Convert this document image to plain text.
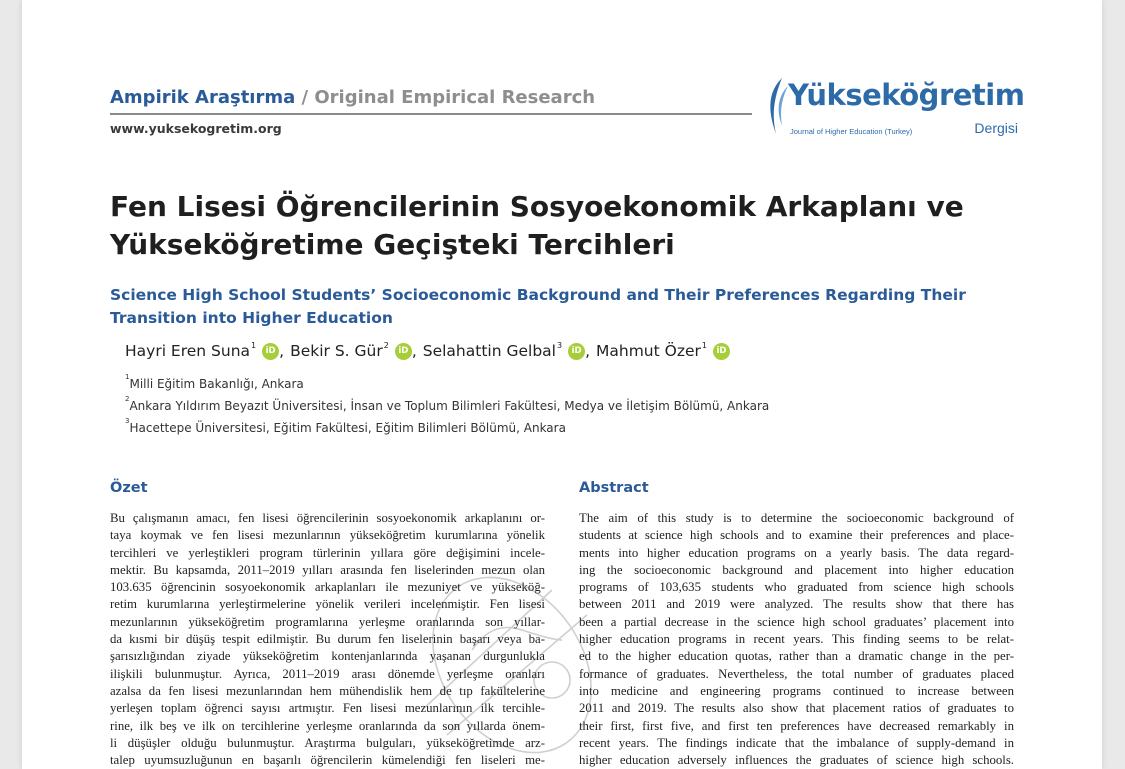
Ampirik Araştırma / Original Empirical Research
www.yuksekogretim.org
Yükseköğretim
Journal of Higher Education (Turkey)	Dergisi
Fen Lisesi Öğrencilerinin Sosyoekonomik Arkaplanı ve Yükseköğretime Geçişteki Tercihleri
Science High School Students’ Socioeconomic Background and Their Preferences Regarding Their Transition into Higher Education
Hayri Eren Suna$^1$
iD , Bekir S. Gür$^2$
iD , Selahattin Gelbal$^3$
iD , Mahmut Özer$^1$
iD
$^1$Milli Eğitim Bakanlığı, Ankara
$^2$Ankara Yıldırım Beyazıt Üniversitesi, İnsan ve Toplum Bilimleri Fakültesi, Medya ve İletişim Bölümü, Ankara
$^3$Hacettepe Üniversitesi, Eğitim Fakültesi, Eğitim Bilimleri Bölümü, Ankara
Özet
Bu çalışmanın amacı, fen lisesi öğrencilerinin sosyoekonomik arkaplanını or-
taya koymak ve fen lisesi mezunlarının yükseköğretim kurumlarına yönelik
tercihleri ve yerleştikleri program türlerinin yıllara göre değişimini incele-
mektir. Bu kapsamda, 2011–2019 yılları arasında fen liselerinden mezun olan
103.635 öğrencinin sosyoekonomik arkaplanları ile mezuniyet ve yükseköğ-
retim kurumlarına yerleştirmelerine yönelik verileri incelenmiştir. Fen lisesi
mezunlarının yükseköğretim programlarına yerleşme oranlarında son yıllar-
da kısmi bir düşüş tespit edilmiştir. Bu durum fen liselerinin başarı veya ba-
şarısızlığından ziyade yükseköğretim kontenjanlarında yaşanan durgunlukla
ilişkili bulunmuştur. Ayrıca, 2011–2019 arası dönemde yerleşme oranları
azalsa da fen lisesi mezunlarından hem mühendislik hem de tıp fakültelerine
yerleşen toplam öğrenci sayısı artmıştır. Fen lisesi mezunlarının ilk tercihle-
rine, ilk beş ve ilk on tercihlerine yerleşme oranlarında da son yıllarda önem-
li düşüşler olduğu bulunmuştur. Araştırma bulguları, yükseköğretimde arz-
talep uyumsuzluğunun en başarılı öğrencilerin kümelendiği fen liseleri me-
Abstract
The aim of this study is to determine the socioeconomic background of
students at science high schools and to examine their preferences and place-
ments into higher education programs on a yearly basis. The data regard-
ing the socioeconomic background and placement into higher education
programs of 103,635 students who graduated from science high schools
between 2011 and 2019 were analyzed. The results show that there has
been a partial decrease in the science high school graduates’ placement into
higher education programs in recent years. This finding seems to be relat-
ed to the higher education quotas, rather than a dramatic change in the per-
formance of graduates. Nevertheless, the total number of graduates placed
into medicine and engineering programs continued to increase between
2011 and 2019. The results also show that placement ratios of graduates to
their first, first five, and first ten preferences have decreased remarkably in
recent years. The findings indicate that the imbalance of supply-demand in
higher education adversely influences the graduates of science high schools.
